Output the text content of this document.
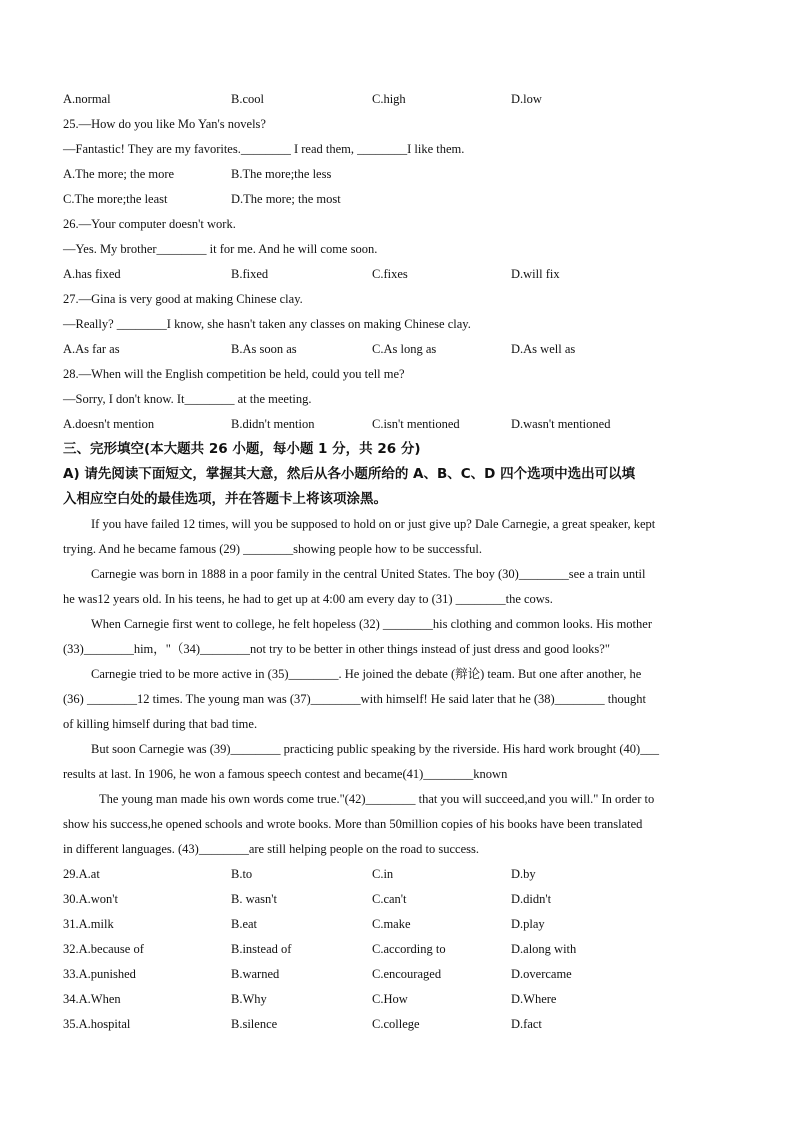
A.normal	B.cool	C.high	D.low
25.—How do you like Mo Yan's novels?
—Fantastic! They are my favorites.________ I read them, ________I like them.
A.The more; the more	B.The more;the less
C.The more;the least	D.The more; the most
26.—Your computer doesn't work.
—Yes. My brother________ it for me. And he will come soon.
A.has fixed	B.fixed	C.fixes	D.will fix
27.—Gina is very good at making Chinese clay.
—Really? ________I know, she hasn't taken any classes on making Chinese clay.
A.As far as	B.As soon as	C.As long as	D.As well as
28.—When will the English competition be held, could you tell me?
—Sorry, I don't know. It________ at the meeting.
A.doesn't mention	B.didn't mention	C.isn't mentioned	D.wasn't mentioned
三、完形填空(本大题共 26 小题，每小题 1 分，共 26 分)
A) 请先阅读下面短文，掌握其大意，然后从各小题所给的 A、B、C、D 四个选项中选出可以填
入相应空白处的最佳选项，并在答题卡上将该项涂黑。
If you have failed 12 times, will you be supposed to hold on or just give up? Dale Carnegie, a great speaker, kept
trying. And he became famous (29) ________showing people how to be successful.
Carnegie was born in 1888 in a poor family in the central United States. The boy (30)________see a train until
he was12 years old. In his teens, he had to get up at 4:00 am every day to (31) ________the cows.
When Carnegie first went to college, he felt hopeless (32) ________his clothing and common looks. His mother
(33)________him，"（34)________not try to be better in other things instead of just dress and good looks?"
Carnegie tried to be more active in (35)________. He joined the debate (辩论) team. But one after another, he
(36) ________12 times. The young man was (37)________with himself! He said later that he (38)________ thought
of killing himself during that bad time.
But soon Carnegie was (39)________ practicing public speaking by the riverside. His hard work brought (40)___
results at last. In 1906, he won a famous speech contest and became(41)________known
The young man made his own words come true."(42)________ that you will succeed,and you will." In order to
show his success,he opened schools and wrote books. More than 50million copies of his books have been translated
in different languages. (43)________are still helping people on the road to success.
29.A.at	B.to	C.in	D.by
30.A.won't	B. wasn't	C.can't	D.didn't
31.A.milk	B.eat	C.make	D.play
32.A.because of	B.instead of	C.according to	D.along with
33.A.punished	B.warned	C.encouraged	D.overcame
34.A.When	B.Why	C.How	D.Where
35.A.hospital	B.silence	C.college	D.fact
